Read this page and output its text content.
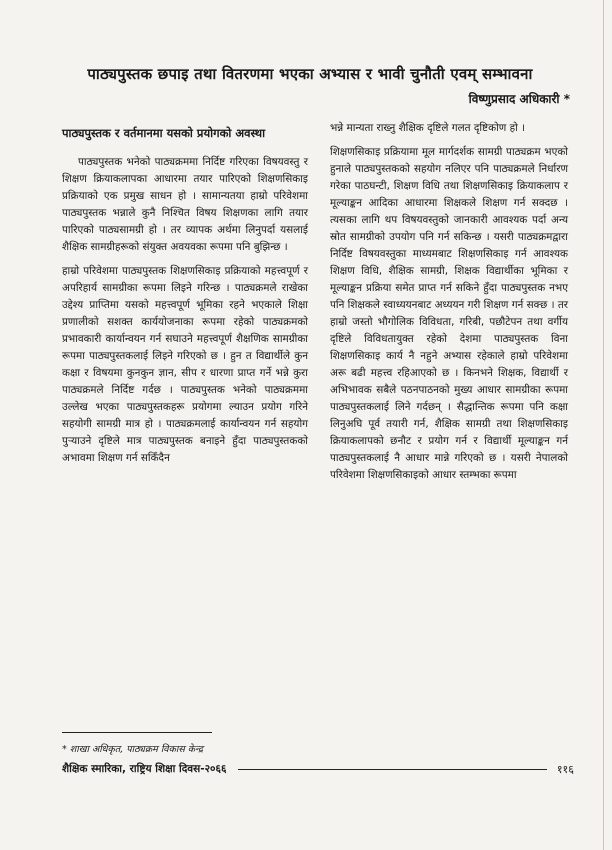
पाठ्यपुस्तक छपाइ तथा वितरणमा भएका अभ्यास र भावी चुनौती एवम् सम्भावना
विष्णुप्रसाद अधिकारी *
पाठ्यपुस्तक र वर्तमानमा यसको प्रयोगको अवस्था

पाठ्यपुस्तक भनेको पाठ्यक्रममा निर्दिष्ट गरिएका विषयवस्तु र शिक्षण क्रियाकलापका आधारमा तयार पारिएको शिक्षणसिकाइ प्रक्रियाको एक प्रमुख साधन हो । सामान्यतया हाम्रो परिवेशमा पाठ्यपुस्तक भन्नाले कुनै निश्चित विषय शिक्षणका लागि तयार पारिएको पाठ्यसामग्री हो । तर व्यापक अर्थमा लिनुपर्दा यसलाई शैक्षिक सामग्रीहरूको संयुक्त अवयवका रूपमा पनि बुझिन्छ ।

हाम्रो परिवेशमा पाठ्यपुस्तक शिक्षणसिकाइ प्रक्रियाको महत्त्वपूर्ण र अपरिहार्य सामग्रीका रूपमा लिइने गरिन्छ । पाठ्यक्रमले राखेका उद्देश्य प्राप्तिमा यसको महत्त्वपूर्ण भूमिका रहने भएकाले शिक्षा प्रणालीको सशक्त कार्ययोजनाका रूपमा रहेको पाठ्यक्रमको प्रभावकारी कार्यान्वयन गर्न सघाउने महत्त्वपूर्ण शैक्षणिक सामग्रीका रूपमा पाठ्यपुस्तकलाई लिइने गरिएको छ । हुन त विद्यार्थीले कुन कक्षा र विषयमा कुनकुन ज्ञान, सीप र धारणा प्राप्त गर्ने भन्ने कुरा पाठ्यक्रमले निर्दिष्ट गर्दछ । पाठ्यपुस्तक भनेको पाठ्यक्रममा उल्लेख भएका पाठ्यपुस्तकहरू प्रयोगमा ल्याउन प्रयोग गरिने सहयोगी सामग्री मात्र हो । पाठ्यक्रमलाई कार्यान्वयन गर्न सहयोग पुऱ्याउने दृष्टिले मात्र पाठ्यपुस्तक बनाइने हुँदा पाठ्यपुस्तकको अभावमा शिक्षण गर्न सकिँदैन

भन्ने मान्यता राख्नु शैक्षिक दृष्टिले गलत दृष्टिकोण हो ।

शिक्षणसिकाइ प्रक्रियामा मूल मार्गदर्शक सामग्री पाठ्यक्रम भएको हुनाले पाठ्यपुस्तकको सहयोग नलिएर पनि पाठ्यक्रमले निर्धारण गरेका पाठघन्टी, शिक्षण विधि तथा शिक्षणसिकाइ क्रियाकलाप र मूल्याङ्कन आदिका आधारमा शिक्षकले शिक्षण गर्न सक्दछ । त्यसका लागि थप विषयवस्तुको जानकारी आवश्यक पर्दा अन्य स्रोत सामग्रीको उपयोग पनि गर्न सकिन्छ । यसरी पाठ्यक्रमद्वारा निर्दिष्ट विषयवस्तुका माध्यमबाट शिक्षणसिकाइ गर्न आवश्यक शिक्षण विधि, शैक्षिक सामग्री, शिक्षक विद्यार्थीका भूमिका र मूल्याङ्कन प्रक्रिया समेत प्राप्त गर्न सकिने हुँदा पाठ्यपुस्तक नभए पनि शिक्षकले स्वाध्ययनबाट अध्ययन गरी शिक्षण गर्न सक्छ । तर हाम्रो जस्तो भौगोलिक विविधता, गरिबी, पछौटेपन तथा वर्गीय दृष्टिले विविधतायुक्त रहेको देशमा पाठ्यपुस्तक विना शिक्षणसिकाइ कार्य नै नहुने अभ्यास रहेकाले हाम्रो परिवेशमा अरू बढी महत्त्व रहिआएको छ । किनभने शिक्षक, विद्यार्थी र अभिभावक सबैले पठनपाठनको मुख्य आधार सामग्रीका रूपमा पाठ्यपुस्तकलाई लिने गर्दछन् । सैद्धान्तिक रूपमा पनि कक्षा लिनुअघि पूर्व तयारी गर्न, शैक्षिक सामग्री तथा शिक्षणसिकाइ क्रियाकलापको छनौट र प्रयोग गर्न र विद्यार्थी मूल्याङ्कन गर्न पाठ्यपुस्तकलाई नै आधार मान्ने गरिएको छ । यसरी नेपालको परिवेशमा शिक्षणसिकाइको आधार स्तम्भका रूपमा

* शाखा अधिकृत, पाठ्यक्रम विकास केन्द्र
शैक्षिक स्मारिका, राष्ट्रिय शिक्षा दिवस-२०६६	११६
